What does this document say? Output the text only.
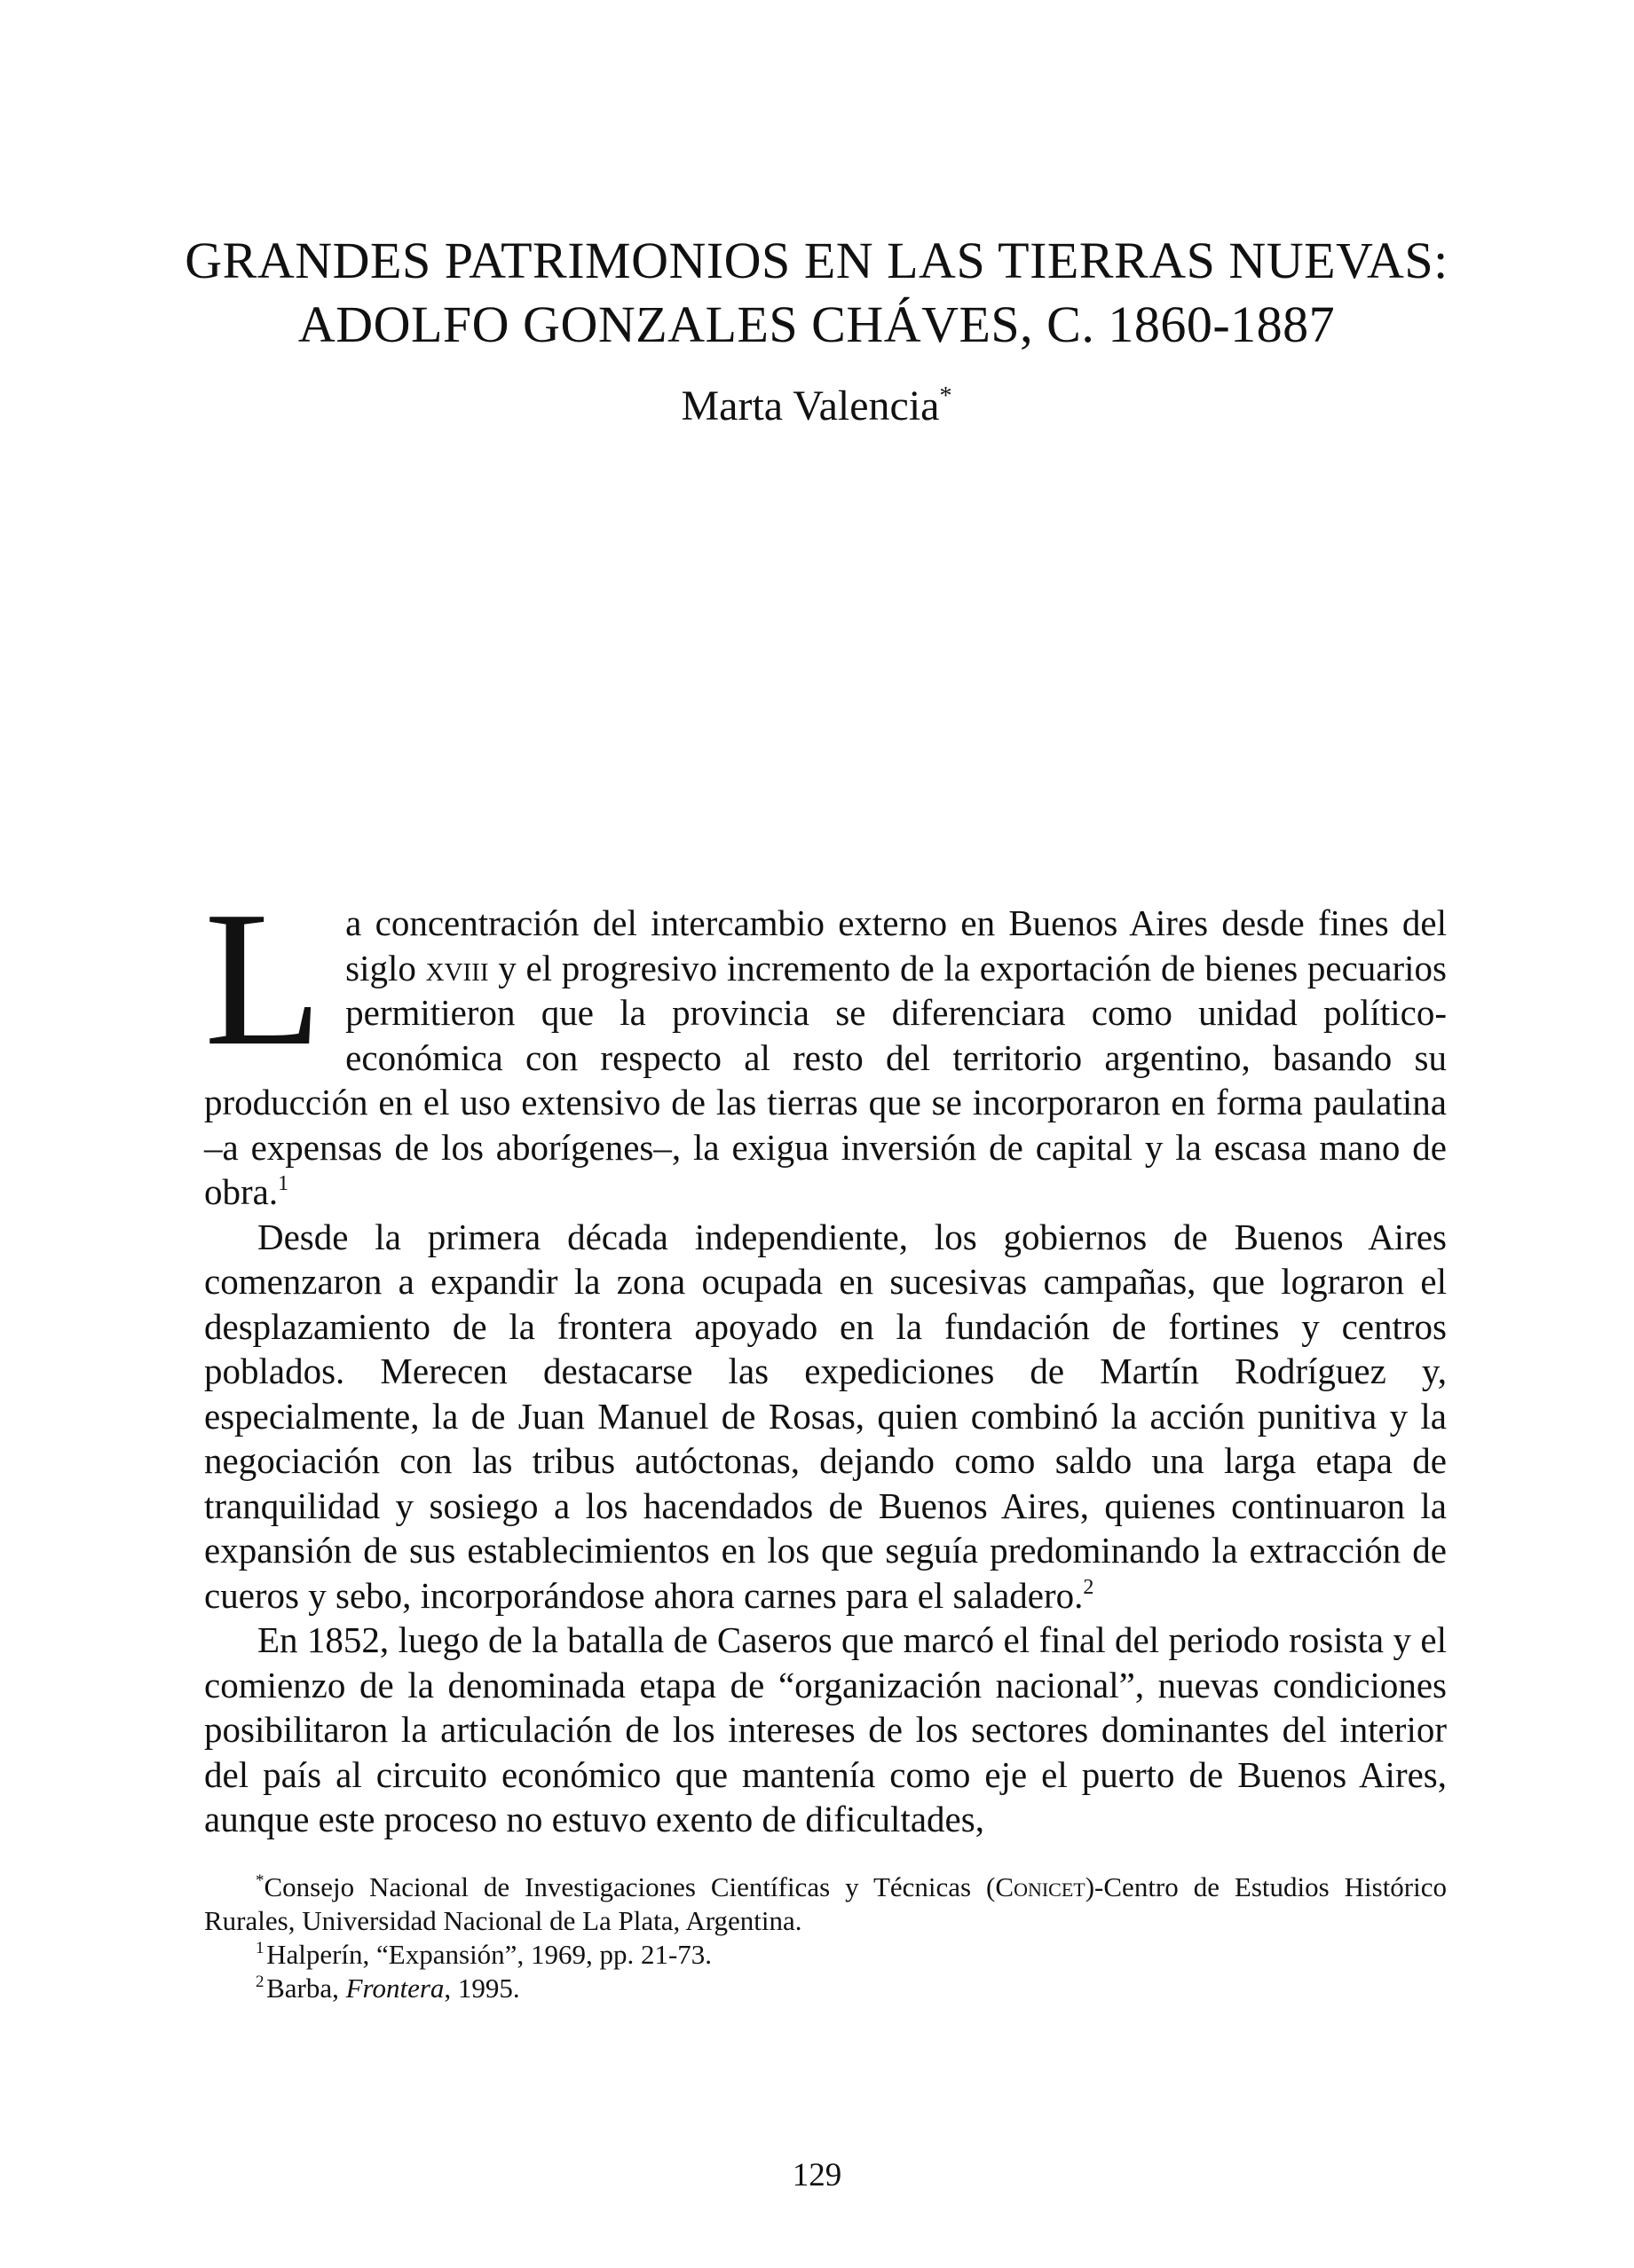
GRANDES PATRIMONIOS EN LAS TIERRAS NUEVAS:
ADOLFO GONZALES CHÁVES, C. 1860-1887

Marta Valencia*

La concentración del intercambio externo en Buenos Aires desde fines del siglo xviii y el progresivo incremento de la exportación de bienes pecuarios permitieron que la provincia se diferenciara como unidad político-económica con respecto al resto del territorio argentino, basando su producción en el uso extensivo de las tierras que se incorporaron en forma paulatina –a expensas de los aborígenes–, la exigua inversión de capital y la escasa mano de obra.$^1$

Desde la primera década independiente, los gobiernos de Buenos Aires comenzaron a expandir la zona ocupada en sucesivas campañas, que lograron el desplazamiento de la frontera apoyado en la fundación de fortines y centros poblados. Merecen destacarse las expediciones de Martín Rodríguez y, especialmente, la de Juan Manuel de Rosas, quien combinó la acción punitiva y la negociación con las tribus autóctonas, dejando como saldo una larga etapa de tranquilidad y sosiego a los hacendados de Buenos Aires, quienes continuaron la expansión de sus establecimientos en los que seguía predominando la extracción de cueros y sebo, incorporándose ahora carnes para el saladero.$^2$

En 1852, luego de la batalla de Caseros que marcó el final del periodo rosista y el comienzo de la denominada etapa de “organización nacional”, nuevas condiciones posibilitaron la articulación de los intereses de los sectores dominantes del interior del país al circuito económico que mantenía como eje el puerto de Buenos Aires, aunque este proceso no estuvo exento de dificultades,

*Consejo Nacional de Investigaciones Científicas y Técnicas (Conicet)-Centro de Estudios Histórico Rurales, Universidad Nacional de La Plata, Argentina.

$^1$ Halperín, “Expansión”, 1969, pp. 21-73.

$^2$ Barba, Frontera, 1995.

129
